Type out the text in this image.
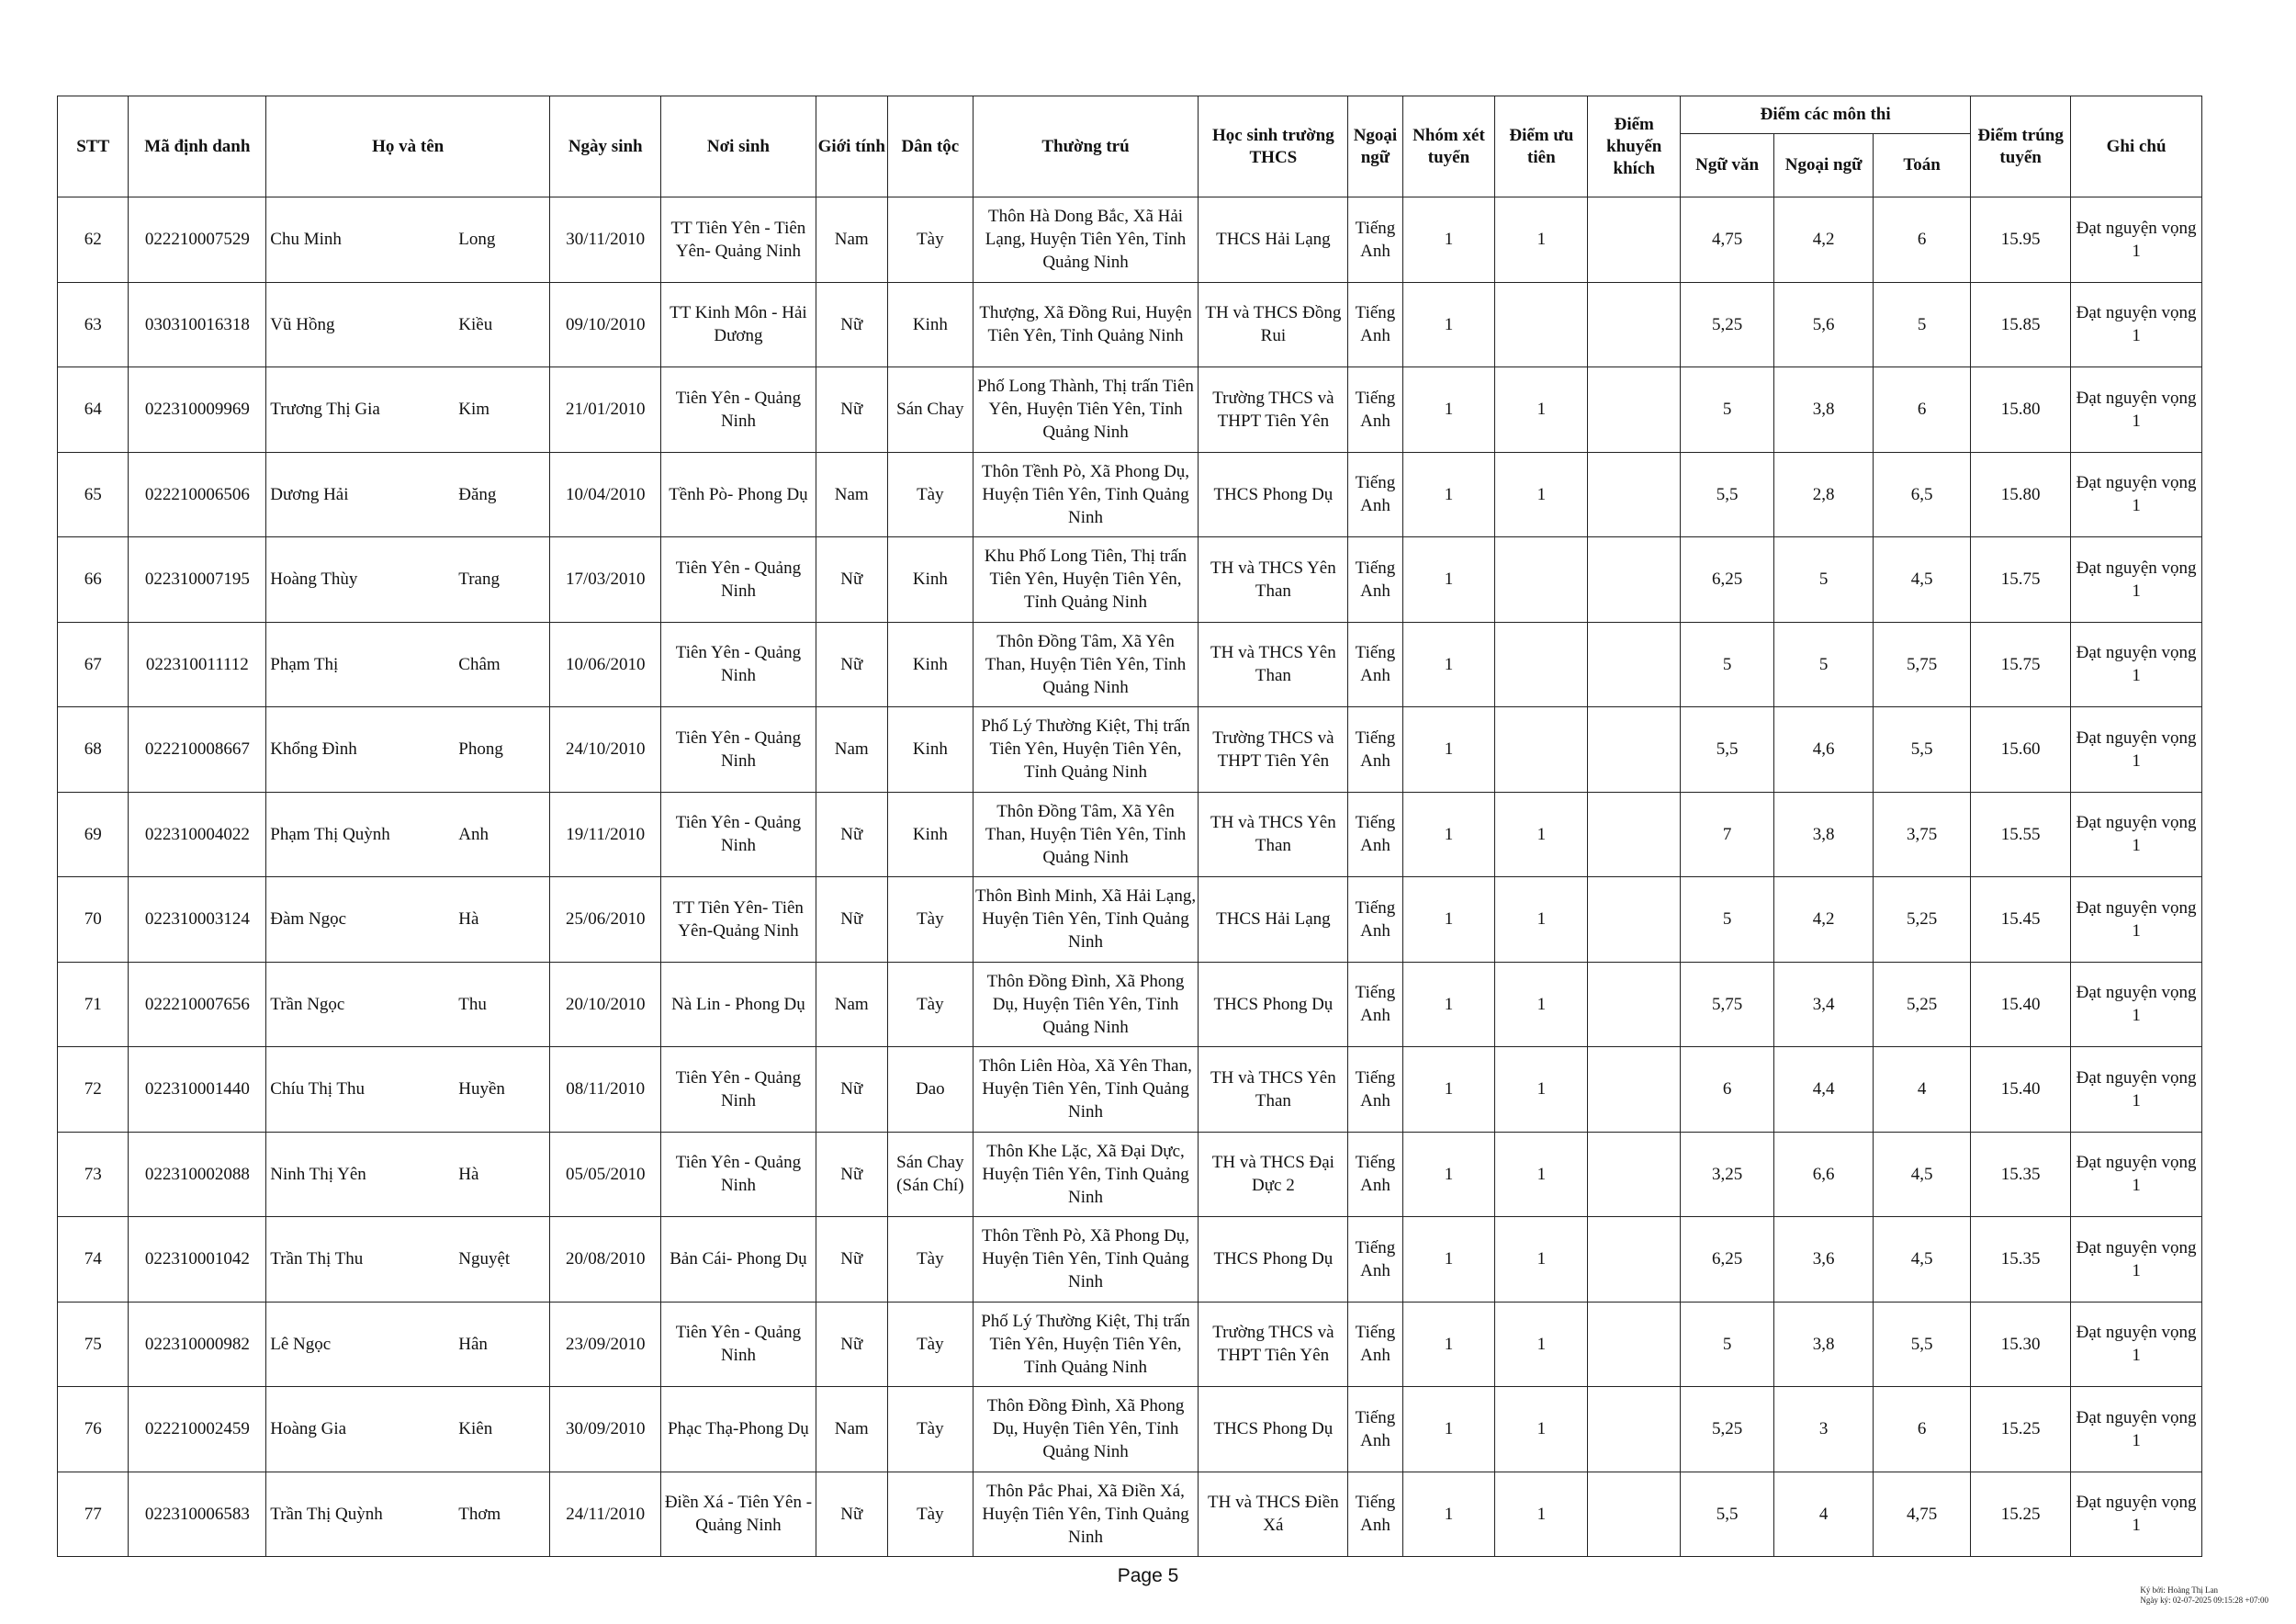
STT	Mã định danh	Họ và tên	Ngày sinh	Nơi sinh	Giới tính	Dân tộc	Thường trú	Học sinh trường THCS	Ngoại ngữ	Nhóm xét tuyển	Điểm ưu tiên	Điểm khuyến khích	Điểm các môn thi			Điểm trúng tuyển	Ghi chú
													Ngữ văn	Ngoại ngữ	Toán		
62	022210007529	Chu Minh Long	30/11/2010	TT Tiên Yên - Tiên Yên- Quảng Ninh	Nam	Tày	Thôn Hà Dong Bắc, Xã Hải Lạng, Huyện Tiên Yên, Tỉnh Quảng Ninh	THCS Hải Lạng	Tiếng Anh	1	1		4,75	4,2	6	15.95	Đạt nguyện vọng 1
63	030310016318	Vũ Hồng Kiều	09/10/2010	TT Kinh Môn - Hải Dương	Nữ	Kinh	Thượng, Xã Đồng Rui, Huyện Tiên Yên, Tỉnh Quảng Ninh	TH và THCS Đồng Rui	Tiếng Anh	1			5,25	5,6	5	15.85	Đạt nguyện vọng 1
64	022310009969	Trương Thị Gia Kim	21/01/2010	Tiên Yên - Quảng Ninh	Nữ	Sán Chay	Phố Long Thành, Thị trấn Tiên Yên, Huyện Tiên Yên, Tỉnh Quảng Ninh	Trường THCS và THPT Tiên Yên	Tiếng Anh	1	1		5	3,8	6	15.80	Đạt nguyện vọng 1
65	022210006506	Dương Hải Đăng	10/04/2010	Tềnh Pò- Phong Dụ	Nam	Tày	Thôn Tềnh Pò, Xã Phong Dụ, Huyện Tiên Yên, Tỉnh Quảng Ninh	THCS Phong Dụ	Tiếng Anh	1	1		5,5	2,8	6,5	15.80	Đạt nguyện vọng 1
66	022310007195	Hoàng Thùy Trang	17/03/2010	Tiên Yên - Quảng Ninh	Nữ	Kinh	Khu Phố Long Tiên, Thị trấn Tiên Yên, Huyện Tiên Yên, Tỉnh Quảng Ninh	TH và THCS Yên Than	Tiếng Anh	1			6,25	5	4,5	15.75	Đạt nguyện vọng 1
67	022310011112	Phạm Thị Châm	10/06/2010	Tiên Yên - Quảng Ninh	Nữ	Kinh	Thôn Đồng Tâm, Xã Yên Than, Huyện Tiên Yên, Tỉnh Quảng Ninh	TH và THCS Yên Than	Tiếng Anh	1			5	5	5,75	15.75	Đạt nguyện vọng 1
68	022210008667	Khổng Đình Phong	24/10/2010	Tiên Yên - Quảng Ninh	Nam	Kinh	Phố Lý Thường Kiệt, Thị trấn Tiên Yên, Huyện Tiên Yên, Tỉnh Quảng Ninh	Trường THCS và THPT Tiên Yên	Tiếng Anh	1			5,5	4,6	5,5	15.60	Đạt nguyện vọng 1
69	022310004022	Phạm Thị Quỳnh Anh	19/11/2010	Tiên Yên - Quảng Ninh	Nữ	Kinh	Thôn Đồng Tâm, Xã Yên Than, Huyện Tiên Yên, Tỉnh Quảng Ninh	TH và THCS Yên Than	Tiếng Anh	1	1		7	3,8	3,75	15.55	Đạt nguyện vọng 1
70	022310003124	Đàm Ngọc Hà	25/06/2010	TT Tiên Yên- Tiên Yên-Quảng Ninh	Nữ	Tày	Thôn Bình Minh, Xã Hải Lạng, Huyện Tiên Yên, Tỉnh Quảng Ninh	THCS Hải Lạng	Tiếng Anh	1	1		5	4,2	5,25	15.45	Đạt nguyện vọng 1
71	022210007656	Trần Ngọc Thu	20/10/2010	Nà Lin - Phong Dụ	Nam	Tày	Thôn Đồng Đình, Xã Phong Dụ, Huyện Tiên Yên, Tỉnh Quảng Ninh	THCS Phong Dụ	Tiếng Anh	1	1		5,75	3,4	5,25	15.40	Đạt nguyện vọng 1
72	022310001440	Chíu Thị Thu Huyền	08/11/2010	Tiên Yên - Quảng Ninh	Nữ	Dao	Thôn Liên Hòa, Xã Yên Than, Huyện Tiên Yên, Tỉnh Quảng Ninh	TH và THCS Yên Than	Tiếng Anh	1	1		6	4,4	4	15.40	Đạt nguyện vọng 1
73	022310002088	Ninh Thị Yên Hà	05/05/2010	Tiên Yên - Quảng Ninh	Nữ	Sán Chay (Sán Chí)	Thôn Khe Lặc, Xã Đại Dực, Huyện Tiên Yên, Tỉnh Quảng Ninh	TH và THCS Đại Dực 2	Tiếng Anh	1	1		3,25	6,6	4,5	15.35	Đạt nguyện vọng 1
74	022310001042	Trần Thị Thu Nguyệt	20/08/2010	Bản Cái- Phong Dụ	Nữ	Tày	Thôn Tềnh Pò, Xã Phong Dụ, Huyện Tiên Yên, Tỉnh Quảng Ninh	THCS Phong Dụ	Tiếng Anh	1	1		6,25	3,6	4,5	15.35	Đạt nguyện vọng 1
75	022310000982	Lê Ngọc Hân	23/09/2010	Tiên Yên - Quảng Ninh	Nữ	Tày	Phố Lý Thường Kiệt, Thị trấn Tiên Yên, Huyện Tiên Yên, Tỉnh Quảng Ninh	Trường THCS và THPT Tiên Yên	Tiếng Anh	1	1		5	3,8	5,5	15.30	Đạt nguyện vọng 1
76	022210002459	Hoàng Gia Kiên	30/09/2010	Phạc Thạ-Phong Dụ	Nam	Tày	Thôn Đồng Đình, Xã Phong Dụ, Huyện Tiên Yên, Tỉnh Quảng Ninh	THCS Phong Dụ	Tiếng Anh	1	1		5,25	3	6	15.25	Đạt nguyện vọng 1
77	022310006583	Trần Thị Quỳnh Thơm	24/11/2010	Điền Xá - Tiên Yên - Quảng Ninh	Nữ	Tày	Thôn Pắc Phai, Xã Điền Xá, Huyện Tiên Yên, Tỉnh Quảng Ninh	TH và THCS Điền Xá	Tiếng Anh	1	1		5,5	4	4,75	15.25	Đạt nguyện vọng 1
Page 5
Ký bởi: Hoàng Thị Lan
Ngày ký: 02-07-2025 09:15:28 +07:00
